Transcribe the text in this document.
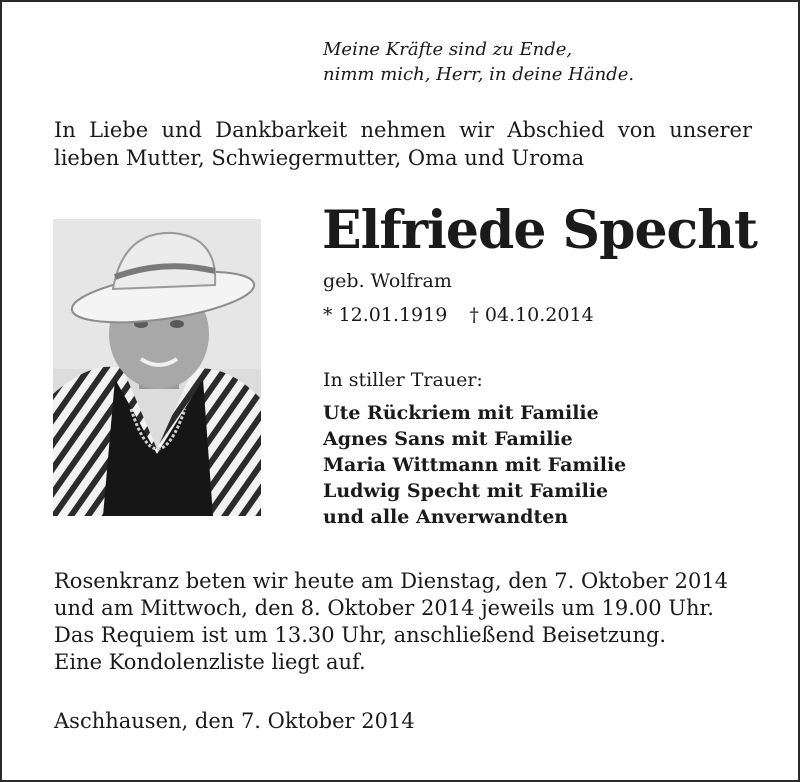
Meine Kräfte sind zu Ende,
nimm mich, Herr, in deine Hände.
In Liebe und Dankbarkeit nehmen wir Abschied von unserer
lieben Mutter, Schwiegermutter, Oma und Uroma
Elfriede Specht
geb. Wolfram
* 12.01.1919 † 04.10.2014
In stiller Trauer:
Ute Rückriem mit Familie
Agnes Sans mit Familie
Maria Wittmann mit Familie
Ludwig Specht mit Familie
und alle Anverwandten
Rosenkranz beten wir heute am Dienstag, den 7. Oktober 2014
und am Mittwoch, den 8. Oktober 2014 jeweils um 19.00 Uhr.
Das Requiem ist um 13.30 Uhr, anschließend Beisetzung.
Eine Kondolenzliste liegt auf.
Aschhausen, den 7. Oktober 2014
